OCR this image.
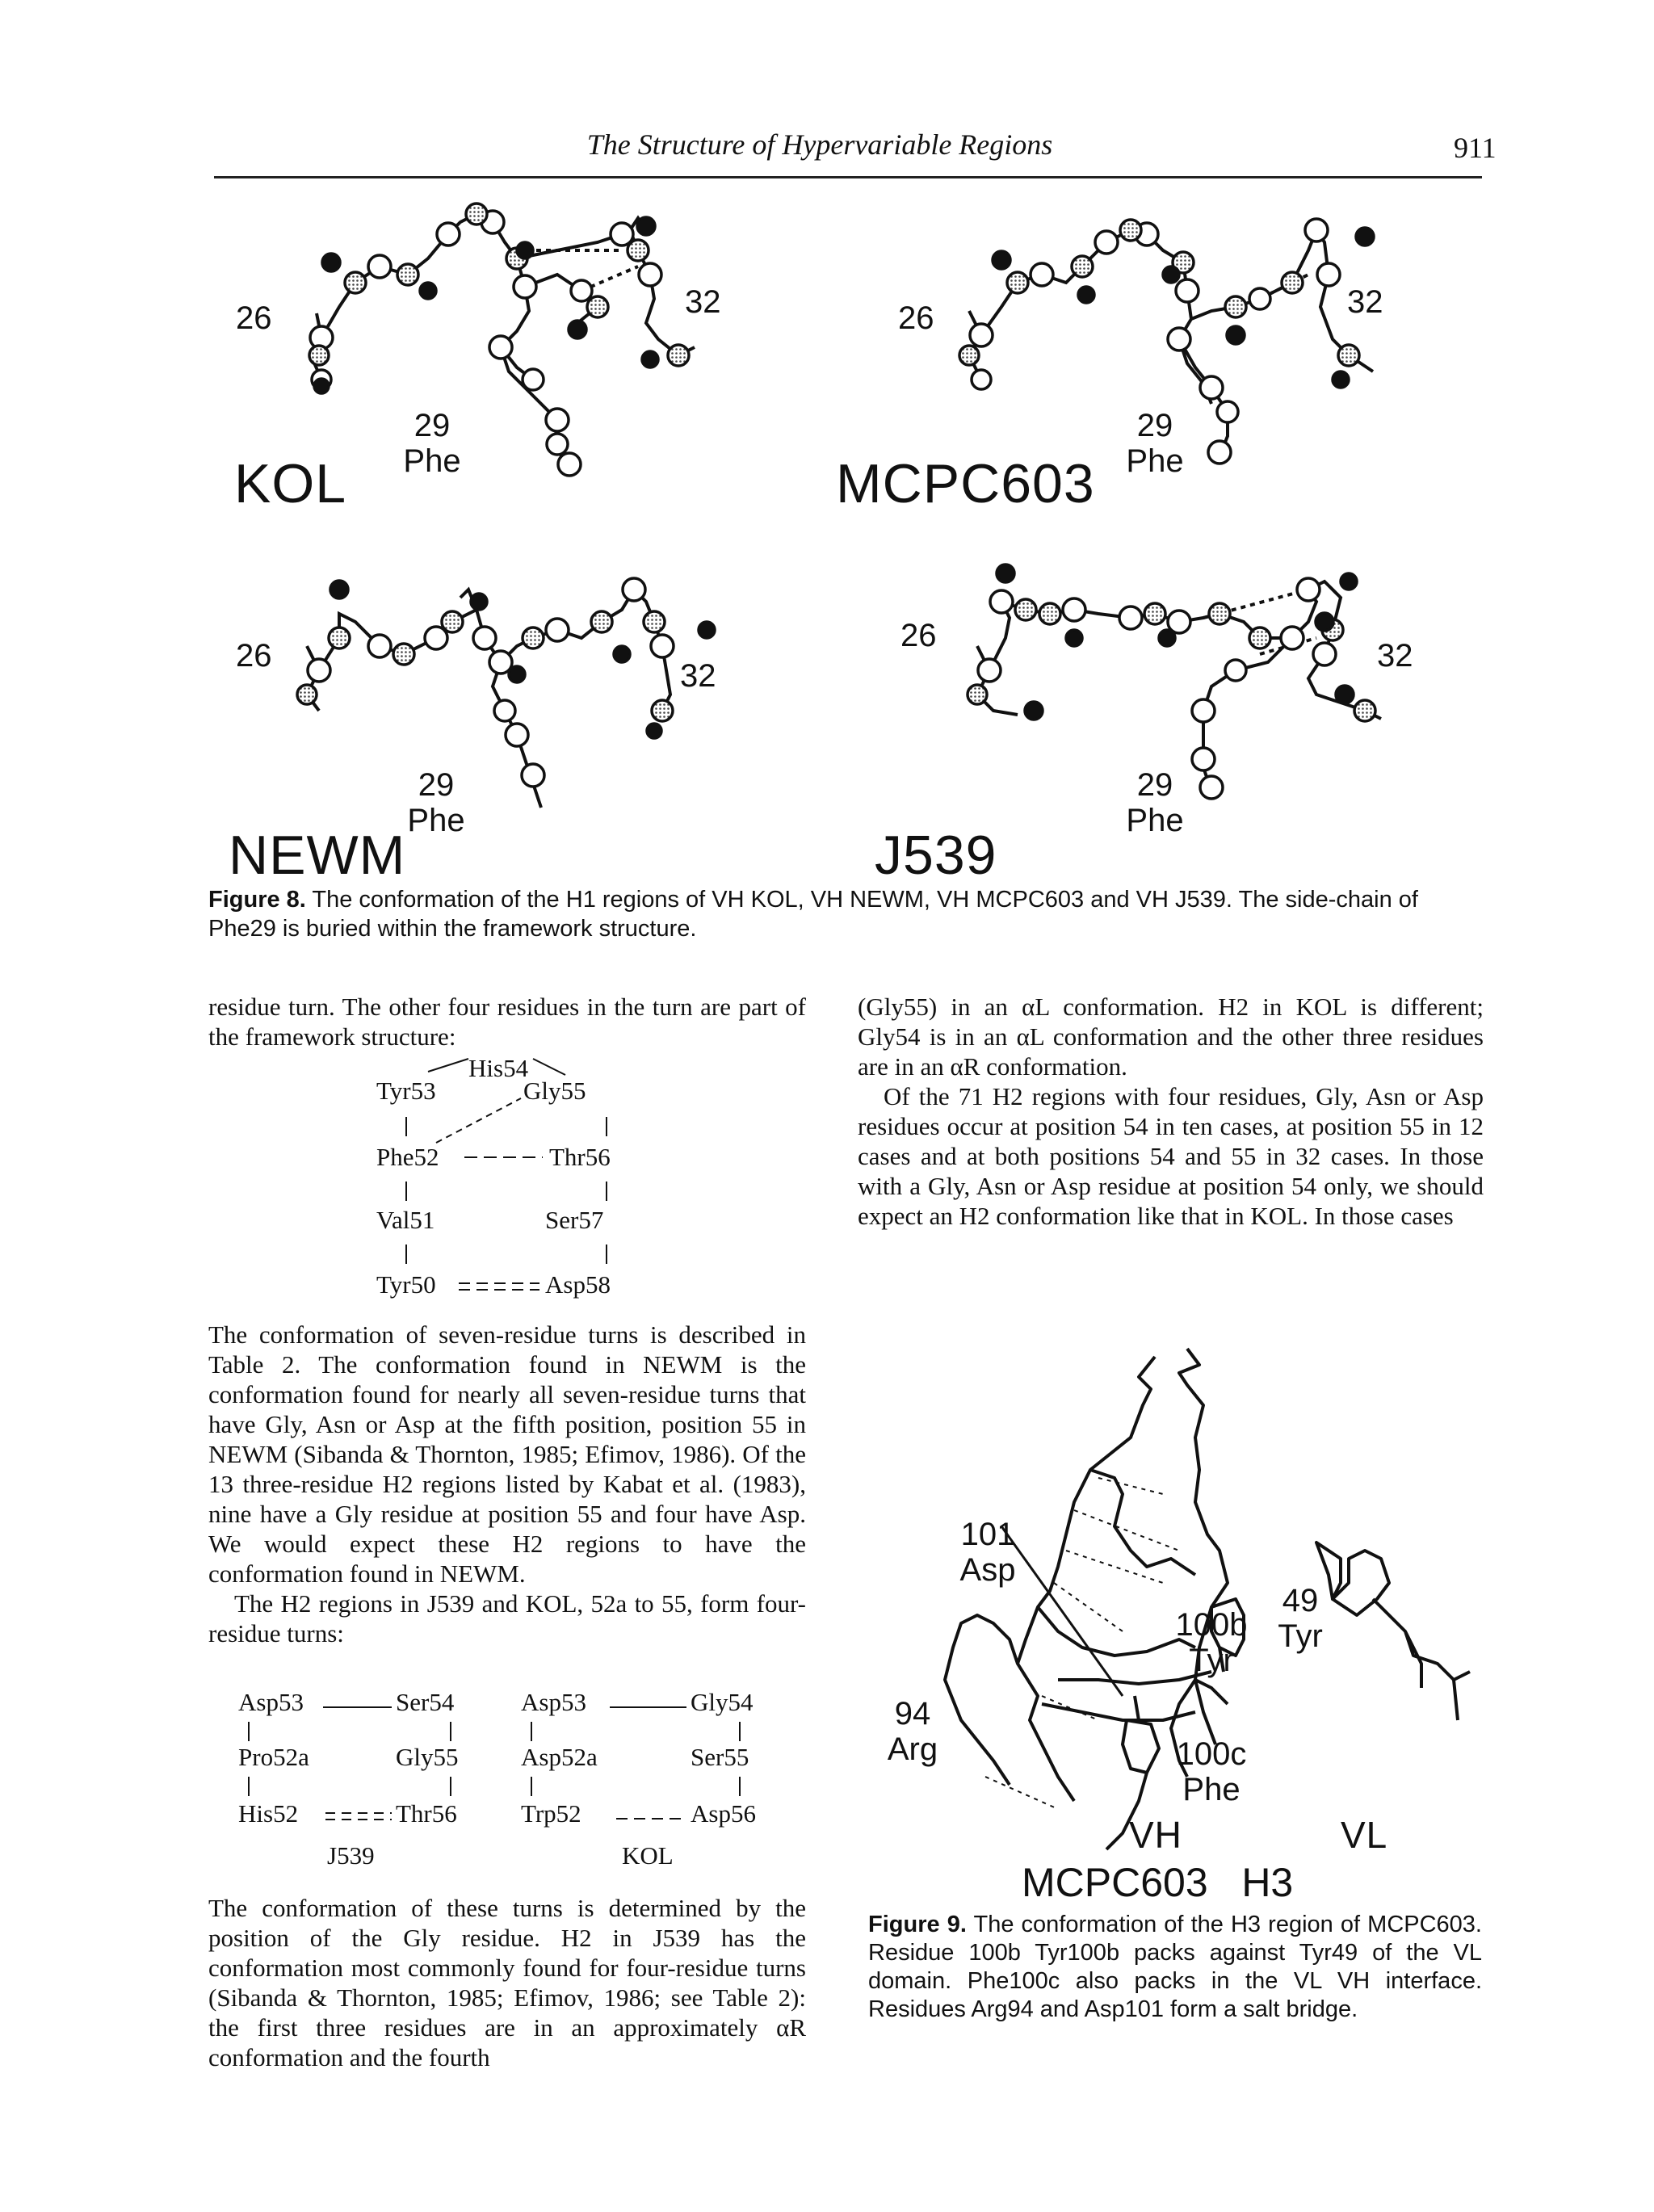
The Structure of Hypervariable Regions	911
26	32
29
Phe
KOL
26	32
29
Phe
MCPC603
26
32
29
Phe
NEWM
26
32
29
Phe
J539
Figure 8. The conformation of the H1 regions of VH KOL, VH NEWM, VH MCPC603 and VH J539. The side-chain of Phe29 is buried within the framework structure.

residue turn. The other four residues in the turn are part of the framework structure:

His54
Tyr53	Gly55
Phe52	Thr56
Val51	Ser57
Tyr50	Asp58

The conformation of seven-residue turns is described in Table 2. The conformation found in NEWM is the conformation found for nearly all seven-residue turns that have Gly, Asn or Asp at the fifth position, position 55 in NEWM (Sibanda & Thornton, 1985; Efimov, 1986). Of the 13 three-residue H2 regions listed by Kabat et al. (1983), nine have a Gly residue at position 55 and four have Asp. We would expect these H2 regions to have the conformation found in NEWM.

The H2 regions in J539 and KOL, 52a to 55, form four-residue turns:

Asp53	Ser54
Pro52a	Gly55
His52	Thr56
J539
Asp53	Gly54
Asp52a	Ser55
Trp52	Asp56
KOL

The conformation of these turns is determined by the position of the Gly residue. H2 in J539 has the conformation most commonly found for four-residue turns (Sibanda & Thornton, 1985; Efimov, 1986; see Table 2): the first three residues are in an approximately αR conformation and the fourth

(Gly55) in an αL conformation. H2 in KOL is different; Gly54 is in an αL conformation and the other three residues are in an αR conformation.

Of the 71 H2 regions with four residues, Gly, Asn or Asp residues occur at position 54 in ten cases, at position 55 in 12 cases and at both positions 54 and 55 in 32 cases. In those with a Gly, Asn or Asp residue at position 54 only, we should expect an H2 conformation like that in KOL. In those cases

101
Asp
94
Arg
100b
Tyr
100c
Phe
49
Tyr
VH	VL
MCPC603   H3
Figure 9. The conformation of the H3 region of MCPC603. Residue 100b Tyr100b packs against Tyr49 of the VL domain. Phe100c also packs in the VL VH interface. Residues Arg94 and Asp101 form a salt bridge.
